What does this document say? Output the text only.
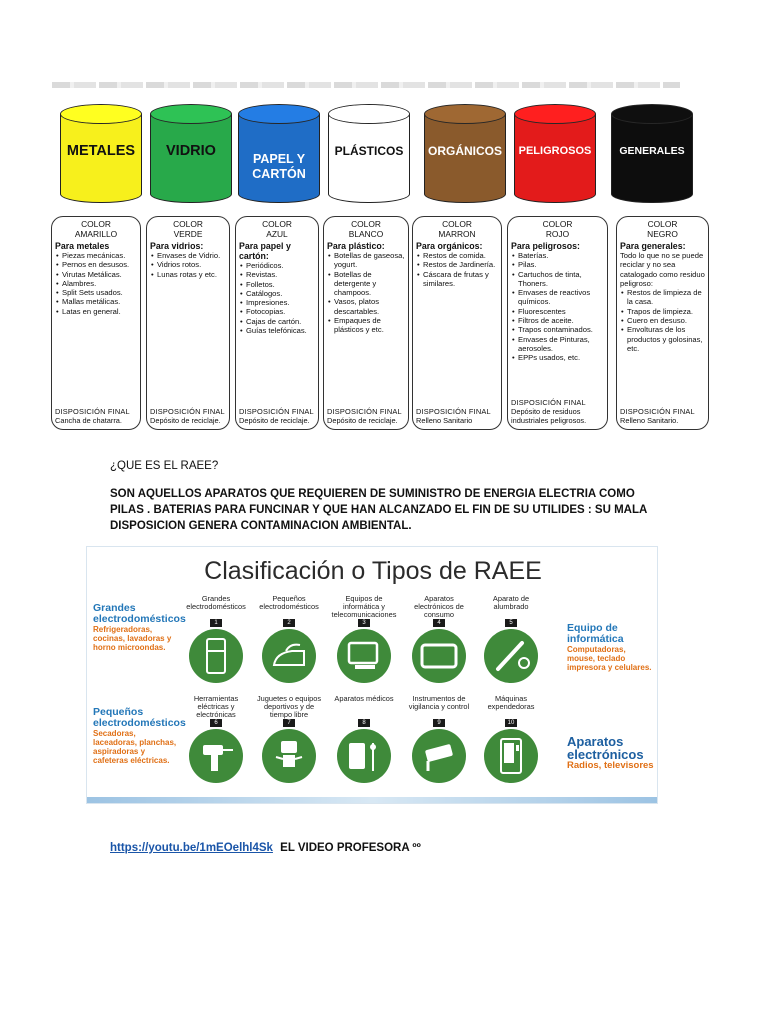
METALES	VIDRIO	PAPEL Y CARTÓN
PLÁSTICOS	ORGÁNICOS	PELIGROSOS	GENERALES
COLOR
AMARILLO
Para metales
• Piezas mecánicas.
• Pernos en desusos.
• Virutas Metálicas.
• Alambres.
• Split Sets usados.
• Mallas metálicas.
• Latas en general.
DISPOSICIÓN FINAL
Cancha de chatarra.
COLOR
VERDE
Para vidrios:
• Envases de Vidrio.
• Vidrios rotos.
• Lunas rotas y etc.
DISPOSICIÓN FINAL
Depósito de reciclaje.
COLOR
AZUL
Para papel y cartón:
• Periódicos.
• Revistas.
• Folletos.
• Catálogos.
• Impresiones.
• Fotocopias.
• Cajas de cartón.
• Guías telefónicas.
DISPOSICIÓN FINAL
Depósito de reciclaje.
COLOR
BLANCO
Para plástico:
• Botellas de gaseosa, yogurt.
• Botellas de detergente y champoos.
• Vasos, platos descartables.
• Empaques de plásticos y etc.
DISPOSICIÓN FINAL
Depósito de reciclaje.
COLOR
MARRON
Para orgánicos:
• Restos de comida.
• Restos de Jardinería.
• Cáscara de frutas y similares.
DISPOSICIÓN FINAL
Relleno Sanitario
COLOR
ROJO
Para peligrosos:
• Baterías.
• Pilas.
• Cartuchos de tinta, Thoners.
• Envases de reactivos químicos.
• Fluorescentes
• Filtros de aceite.
• Trapos contaminados.
• Envases de Pinturas, aerosoles.
• EPPs usados, etc.
DISPOSICIÓN FINAL
Depósito de residuos industriales peligrosos.
COLOR
NEGRO
Para generales:
Todo lo que no se puede reciclar y no sea catalogado como residuo peligroso:
• Restos de limpieza de la casa.
• Trapos de limpieza.
• Cuero en desuso.
• Envolturas de los productos y golosinas, etc.
DISPOSICIÓN FINAL
Relleno Sanitario.
¿QUE ES EL RAEE?
SON AQUELLOS APARATOS QUE REQUIEREN DE SUMINISTRO DE ENERGIA ELECTRIA COMO PILAS . BATERIAS PARA FUNCINAR Y QUE HAN ALCANZADO EL FIN DE SU UTILIDES : SU MALA DISPOSICION GENERA CONTAMINACION AMBIENTAL.
Clasificación o Tipos de RAEE
Grandes electrodomésticos
Refrigeradoras, cocinas, lavadoras y horno microondas.
Pequeños electrodomésticos
Secadoras, laceadoras, planchas, aspiradoras y cafeteras eléctricas.
Equipo de informática
Computadoras, mouse, teclado impresora y celulares.
Aparatos electrónicos
Radios, televisores
Grandes electrodomésticos
1
Pequeños electrodomésticos
2
Equipos de informática y telecomunicaciones
3
Aparatos electrónicos de consumo
4
Aparato de alumbrado
5
Herramientas eléctricas y electrónicas
6
Juguetes o equipos deportivos y de tiempo libre
7
Aparatos médicos
8
Instrumentos de vigilancia y control
9
Máquinas expendedoras
10
https://youtu.be/1mEOelhl4Sk EL VIDEO PROFESORA ºº
